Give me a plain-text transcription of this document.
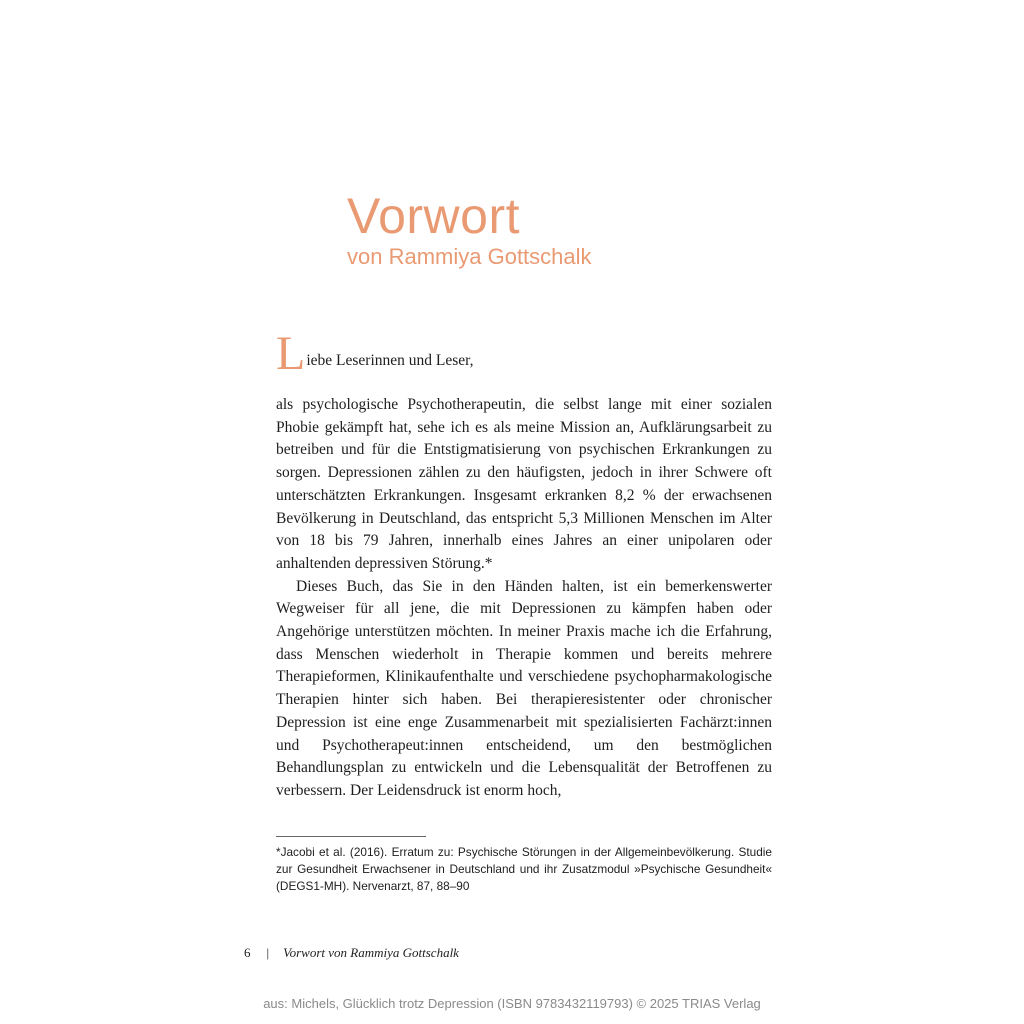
Vorwort
von Rammiya Gottschalk
Liebe Leserinnen und Leser,

als psychologische Psychotherapeutin, die selbst lange mit einer sozialen Phobie gekämpft hat, sehe ich es als meine Mission an, Aufklärungsarbeit zu betreiben und für die Entstigmatisierung von psychischen Erkrankungen zu sorgen. Depressionen zählen zu den häufigsten, jedoch in ihrer Schwere oft unterschätzten Erkrankungen. Insgesamt erkranken 8,2 % der erwachsenen Bevölkerung in Deutschland, das entspricht 5,3 Millionen Menschen im Alter von 18 bis 79 Jahren, innerhalb eines Jahres an einer unipolaren oder anhaltenden depressiven Störung.*

Dieses Buch, das Sie in den Händen halten, ist ein bemerkenswerter Wegweiser für all jene, die mit Depressionen zu kämpfen haben oder Angehörige unterstützen möchten. In meiner Praxis mache ich die Erfahrung, dass Menschen wiederholt in Therapie kommen und bereits mehrere Therapieformen, Klinikaufenthalte und verschiedene psychopharmakologische Therapien hinter sich haben. Bei therapieresistenter oder chronischer Depression ist eine enge Zusammenarbeit mit spezialisierten Fachärzt:innen und Psychotherapeut:innen entscheidend, um den bestmöglichen Behandlungsplan zu entwickeln und die Lebensqualität der Betroffenen zu verbessern. Der Leidensdruck ist enorm hoch,

*Jacobi et al. (2016). Erratum zu: Psychische Störungen in der Allgemeinbevölkerung. Studie zur Gesundheit Erwachsener in Deutschland und ihr Zusatzmodul »Psychische Gesundheit« (DEGS1-MH). Nervenarzt, 87, 88–90
6 | Vorwort von Rammiya Gottschalk
aus: Michels, Glücklich trotz Depression (ISBN 9783432119793) © 2025 TRIAS Verlag
